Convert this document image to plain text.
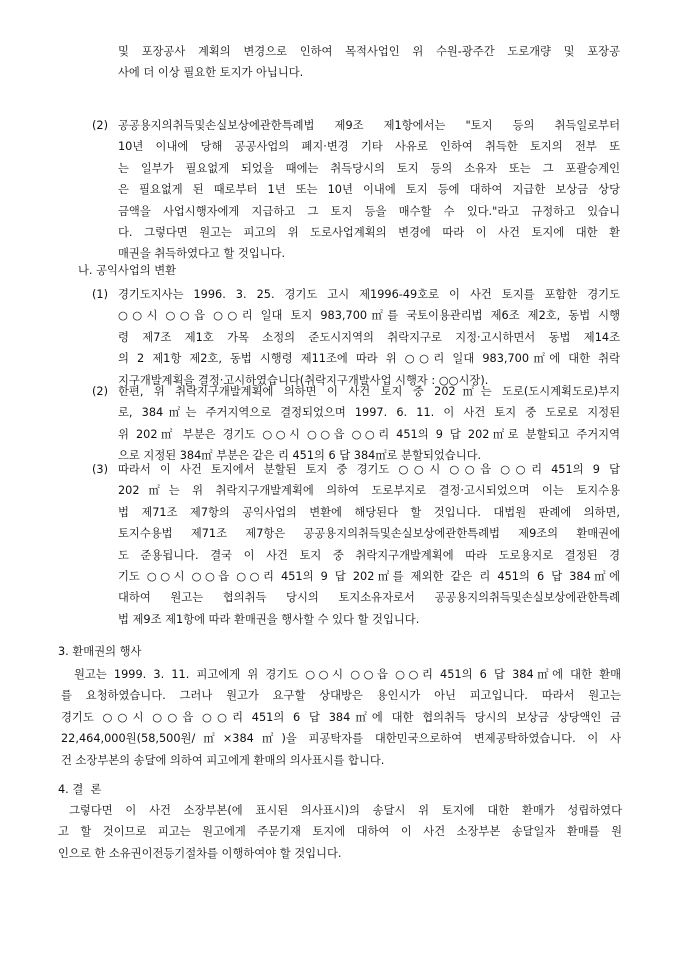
및 포장공사 계획의 변경으로 인하여 목적사업인 위 수원-광주간 도로개량 및 포장공
사에 더 이상 필요한 토지가 아닙니다.
(2) 공공용지의취득및손실보상에관한특례법 제9조 제1항에서는 "토지 등의 취득일로부터
10년 이내에 당해 공공사업의 폐지·변경 기타 사유로 인하여 취득한 토지의 전부 또
는 일부가 필요없게 되었을 때에는 취득당시의 토지 등의 소유자 또는 그 포괄승계인
은 필요없게 된 때로부터 1년 또는 10년 이내에 토지 등에 대하여 지급한 보상금 상당
금액을 사업시행자에게 지급하고 그 토지 등을 매수할 수 있다."라고 규정하고 있습니
다. 그렇다면 원고는 피고의 위 도로사업계획의 변경에 따라 이 사건 토지에 대한 환
매권을 취득하였다고 할 것입니다.
나. 공익사업의 변환
(1) 경기도지사는 1996. 3. 25. 경기도 고시 제1996-49호로 이 사건 토지를 포함한 경기도
○○시 ○○읍 ○○리 일대 토지 983,700㎡를 국토이용관리법 제6조 제2호, 동법 시행
령 제7조 제1호 가목 소정의 준도시지역의 취락지구로 지정·고시하면서 동법 제14조
의 2 제1항 제2호, 동법 시행령 제11조에 따라 위 ○○리 일대 983,700㎡에 대한 취락
지구개발계획을 결정·고시하였습니다(취락지구개발사업 시행자 : ○○시장).
(2) 한편, 위 취락지구개발계획에 의하면 이 사건 토지 중 202㎡는 도로(도시계획도로)부지
로, 384㎡는 주거지역으로 결정되었으며 1997. 6. 11. 이 사건 토지 중 도로로 지정된
위 202㎡ 부분은 경기도 ○○시 ○○읍 ○○리 451의 9 답 202㎡로 분할되고 주거지역
으로 지정된 384㎡ 부분은 같은 리 451의 6 답 384㎡로 분할되었습니다.
(3) 따라서 이 사건 토지에서 분할된 토지 중 경기도 ○○시 ○○읍 ○○리 451의 9 답
202㎡는 위 취락지구개발계획에 의하여 도로부지로 결정·고시되었으며 이는 토지수용
법 제71조 제7항의 공익사업의 변환에 해당된다 할 것입니다. 대법원 판례에 의하면,
토지수용법 제71조 제7항은 공공용지의취득및손실보상에관한특례법 제9조의 환매권에
도 준용됩니다. 결국 이 사건 토지 중 취락지구개발계획에 따라 도로용지로 결정된 경
기도 ○○시 ○○읍 ○○리 451의 9 답 202㎡를 제외한 같은 리 451의 6 답 384㎡에
대하여 원고는 협의취득 당시의 토지소유자로서 공공용지의취득및손실보상에관한특례
법 제9조 제1항에 따라 환매권을 행사할 수 있다 할 것입니다.
3. 환매권의 행사
원고는 1999. 3. 11. 피고에게 위 경기도 ○○시 ○○읍 ○○리 451의 6 답 384㎡에 대한 환매
를 요청하였습니다. 그러나 원고가 요구할 상대방은 용인시가 아닌 피고입니다. 따라서 원고는
경기도 ○○시 ○○읍 ○○리 451의 6 답 384㎡에 대한 협의취득 당시의 보상금 상당액인 금
22,464,000원(58,500원/㎡×384㎡)을 피공탁자를 대한민국으로하여 변제공탁하였습니다. 이 사
건 소장부본의 송달에 의하여 피고에게 환매의 의사표시를 합니다.
4. 결  론
그렇다면 이 사건 소장부본(에 표시된 의사표시)의 송달시 위 토지에 대한 환매가 성립하였다
고 할 것이므로 피고는 원고에게 주문기재 토지에 대하여 이 사건 소장부본 송달일자 환매를 원
인으로 한 소유권이전등기절차를 이행하여야 할 것입니다.
